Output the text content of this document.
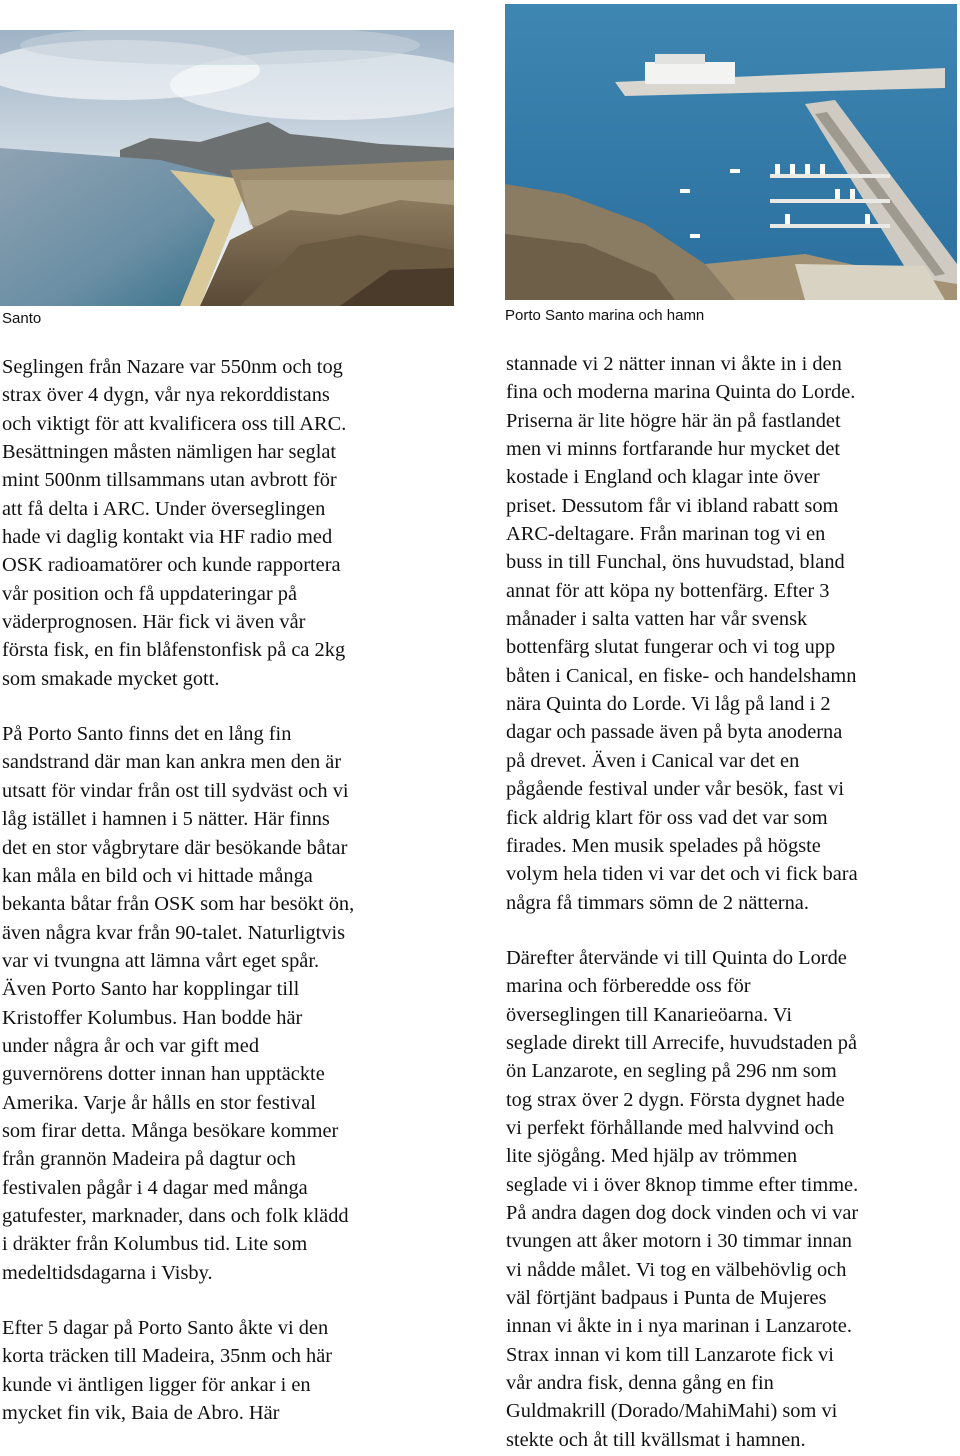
Santo	Porto Santo marina och hamn

Seglingen från Nazare var 550nm och tog
strax över 4 dygn, vår nya rekorddistans
och viktigt för att kvalificera oss till ARC.
Besättningen måsten nämligen har seglat
mint 500nm tillsammans utan avbrott för
att få delta i ARC. Under överseglingen
hade vi daglig kontakt via HF radio med
OSK radioamatörer och kunde rapportera
vår position och få uppdateringar på
väderprognosen. Här fick vi även vår
första fisk, en fin blåfenstonfisk på ca 2kg
som smakade mycket gott.

På Porto Santo finns det en lång fin
sandstrand där man kan ankra men den är
utsatt för vindar från ost till sydväst och vi
låg istället i hamnen i 5 nätter. Här finns
det en stor vågbrytare där besökande båtar
kan måla en bild och vi hittade många
bekanta båtar från OSK som har besökt ön,
även några kvar från 90-talet. Naturligtvis
var vi tvungna att lämna vårt eget spår.
Även Porto Santo har kopplingar till
Kristoffer Kolumbus. Han bodde här
under några år och var gift med
guvernörens dotter innan han upptäckte
Amerika. Varje år hålls en stor festival
som firar detta. Många besökare kommer
från grannön Madeira på dagtur och
festivalen pågår i 4 dagar med många
gatufester, marknader, dans och folk klädd
i dräkter från Kolumbus tid. Lite som
medeltidsdagarna i Visby.

Efter 5 dagar på Porto Santo åkte vi den
korta träcken till Madeira, 35nm och här
kunde vi äntligen ligger för ankar i en
mycket fin vik, Baia de Abro. Här

stannade vi 2 nätter innan vi åkte in i den
fina och moderna marina Quinta do Lorde.
Priserna är lite högre här än på fastlandet
men vi minns fortfarande hur mycket det
kostade i England och klagar inte över
priset. Dessutom får vi ibland rabatt som
ARC-deltagare. Från marinan tog vi en
buss in till Funchal, öns huvudstad, bland
annat för att köpa ny bottenfärg. Efter 3
månader i salta vatten har vår svensk
bottenfärg slutat fungerar och vi tog upp
båten i Canical, en fiske- och handelshamn
nära Quinta do Lorde. Vi låg på land i 2
dagar och passade även på byta anoderna
på drevet. Även i Canical var det en
pågående festival under vår besök, fast vi
fick aldrig klart för oss vad det var som
firades. Men musik spelades på högste
volym hela tiden vi var det och vi fick bara
några få timmars sömn de 2 nätterna.

Därefter återvände vi till Quinta do Lorde
marina och förberedde oss för
överseglingen till Kanarieöarna. Vi
seglade direkt till Arrecife, huvudstaden på
ön Lanzarote, en segling på 296 nm som
tog strax över 2 dygn. Första dygnet hade
vi perfekt förhållande med halvvind och
lite sjögång. Med hjälp av trömmen
seglade vi i över 8knop timme efter timme.
På andra dagen dog dock vinden och vi var
tvungen att åker motorn i 30 timmar innan
vi nådde målet. Vi tog en välbehövlig och
väl förtjänt badpaus i Punta de Mujeres
innan vi åkte in i nya marinan i Lanzarote.
Strax innan vi kom till Lanzarote fick vi
vår andra fisk, denna gång en fin
Guldmakrill (Dorado/MahiMahi) som vi
stekte och åt till kvällsmat i hamnen.
